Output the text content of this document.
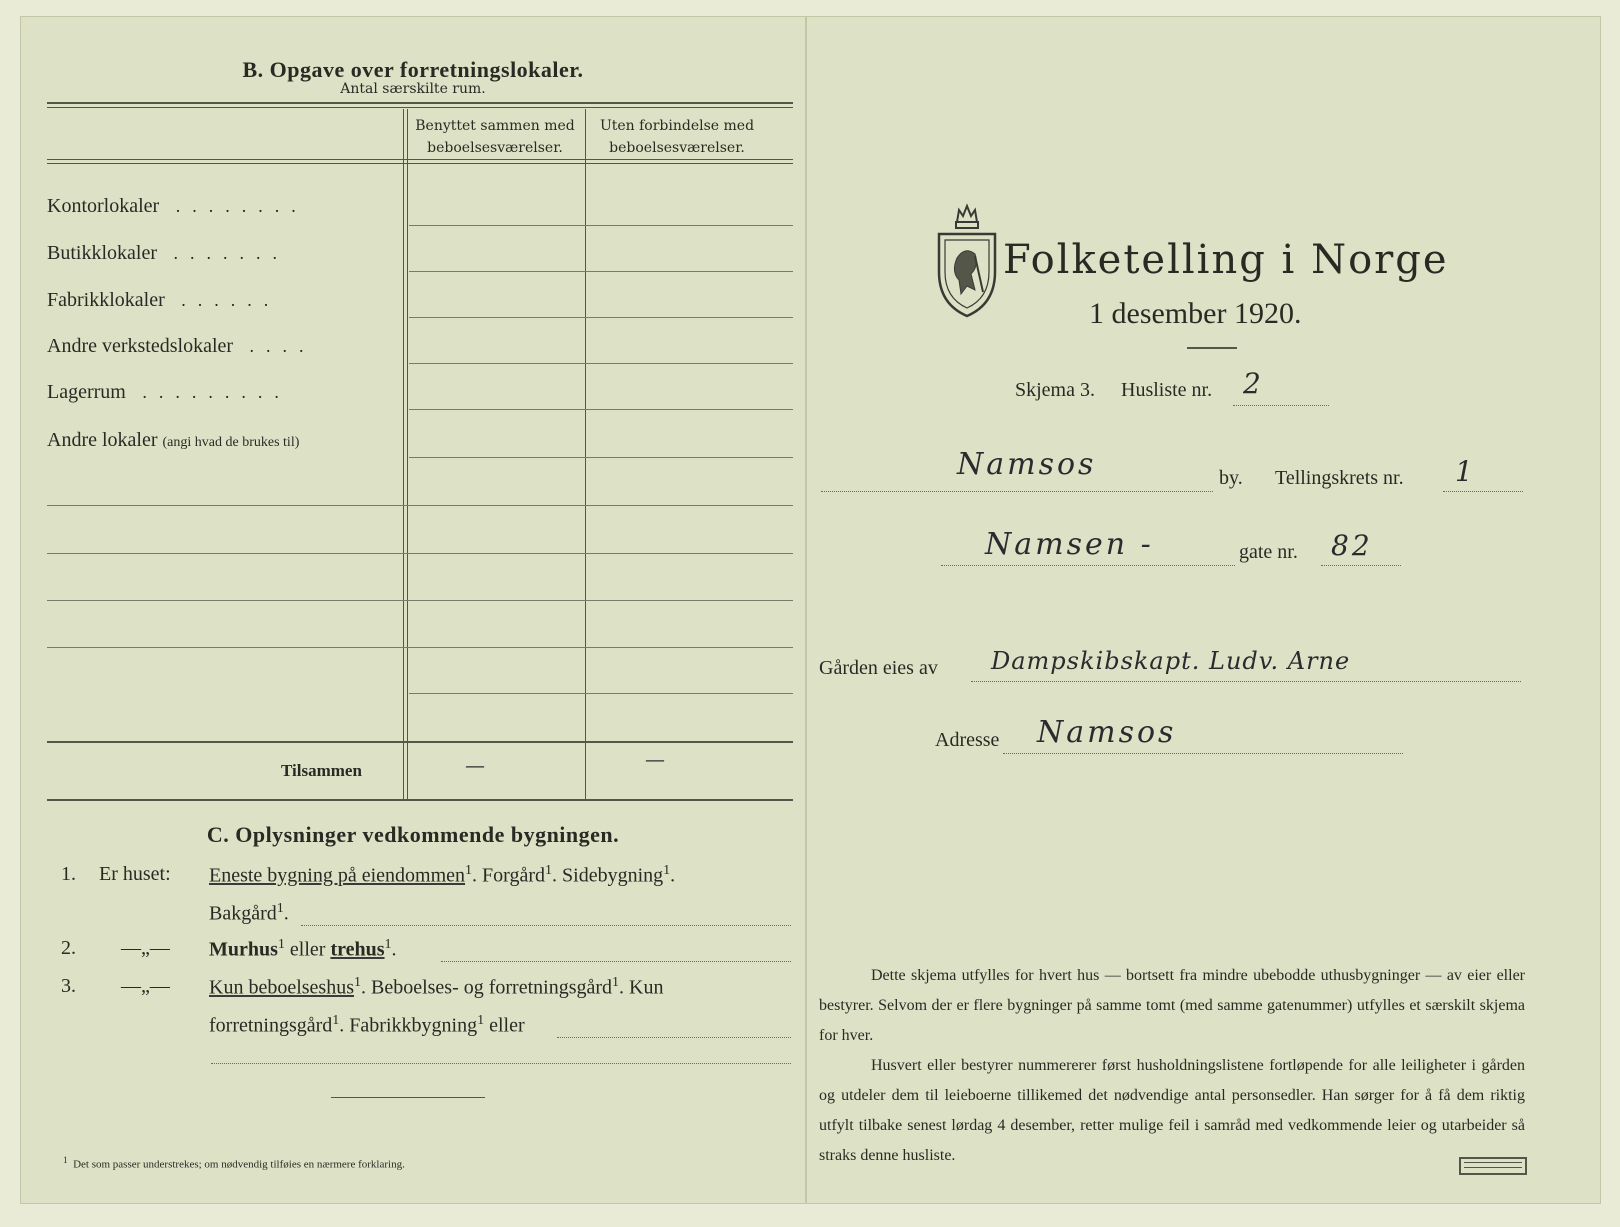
B. Opgave over forretningslokaler.
Antal særskilte rum.
Benyttet sammen med
beboelsesværelser.
Uten forbindelse med
beboelsesværelser.
Kontorlokaler ........
Butikklokaler .......
Fabrikklokaler ......
Andre verkstedslokaler ....
Lagerrum .........
Andre lokaler (angi hvad de brukes til)
Tilsammen	—	—
C. Oplysninger vedkommende bygningen.
1. Er huset: Eneste bygning på eiendommen$^1$. Forgård$^1$. Sidebygning$^1$.
Bakgård$^1$.
2. —„— Murhus$^1$ eller trehus$^1$.
3. —„— Kun beboelseshus$^1$. Beboelses- og forretningsgård$^1$. Kun
forretningsgård$^1$. Fabrikkbygning$^1$ eller
$^1$ Det som passer understrekes; om nødvendig tilføies en nærmere forklaring.
Folketelling i Norge
1 desember 1920.
Skjema 3. Husliste nr. 2
Namsos	by. Tellingskrets nr. 1
Namsen -	gate nr. 82
Gården eies av Dampskibskapt. Ludv. Arne
Adresse Namsos
Dette skjema utfylles for hvert hus — bortsett fra mindre ubebodde uthusbygninger — av eier eller bestyrer. Selvom der er flere bygninger på samme tomt (med samme gatenummer) utfylles et særskilt skjema for hver.
Husvert eller bestyrer nummererer først husholdningslistene fortløpende for alle leiligheter i gården og utdeler dem til leieboerne tillikemed det nødvendige antal personsedler. Han sørger for å få dem riktig utfylt tilbake senest lørdag 4 desember, retter mulige feil i samråd med vedkommende leier og utarbeider så straks denne husliste.
